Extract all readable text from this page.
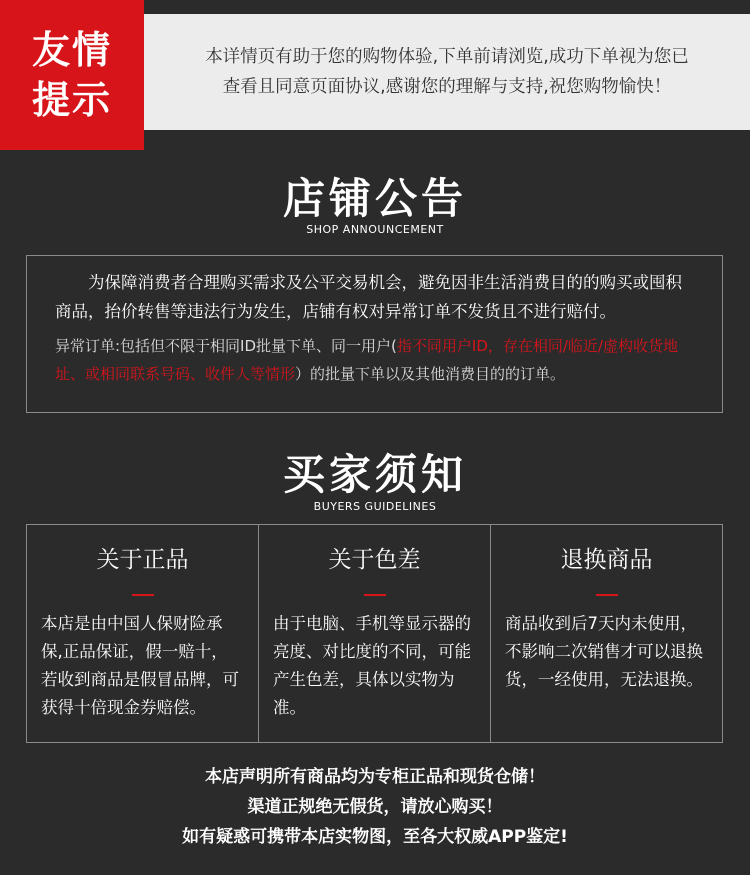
友情
提示

本详情页有助于您的购物体验,下单前请浏览,成功下单视为您已

查看且同意页面协议,感谢您的理解与支持,祝您购物愉快！

店铺公告
SHOP ANNOUNCEMENT

为保障消费者合理购买需求及公平交易机会，避免因非生活消费目的的购买或囤积商品，抬价转售等违法行为发生，店铺有权对异常订单不发货且不进行赔付。

异常订单:包括但不限于相同ID批量下单、同一用户(指不同用户ID，存在相同/临近/虚构收货地址、或相同联系号码、收件人等情形）的批量下单以及其他消费目的的订单。

买家须知
BUYERS GUIDELINES
关于正品

本店是由中国人保财险承保,正品保证，假一赔十，若收到商品是假冒品牌，可获得十倍现金券赔偿。

关于色差

由于电脑、手机等显示器的亮度、对比度的不同，可能产生色差，具体以实物为准。

退换商品

商品收到后7天内未使用，不影响二次销售才可以退换货，一经使用，无法退换。

本店声明所有商品均为专柜正品和现货仓储！

渠道正规绝无假货，请放心购买！

如有疑惑可携带本店实物图，至各大权威APP鉴定!
